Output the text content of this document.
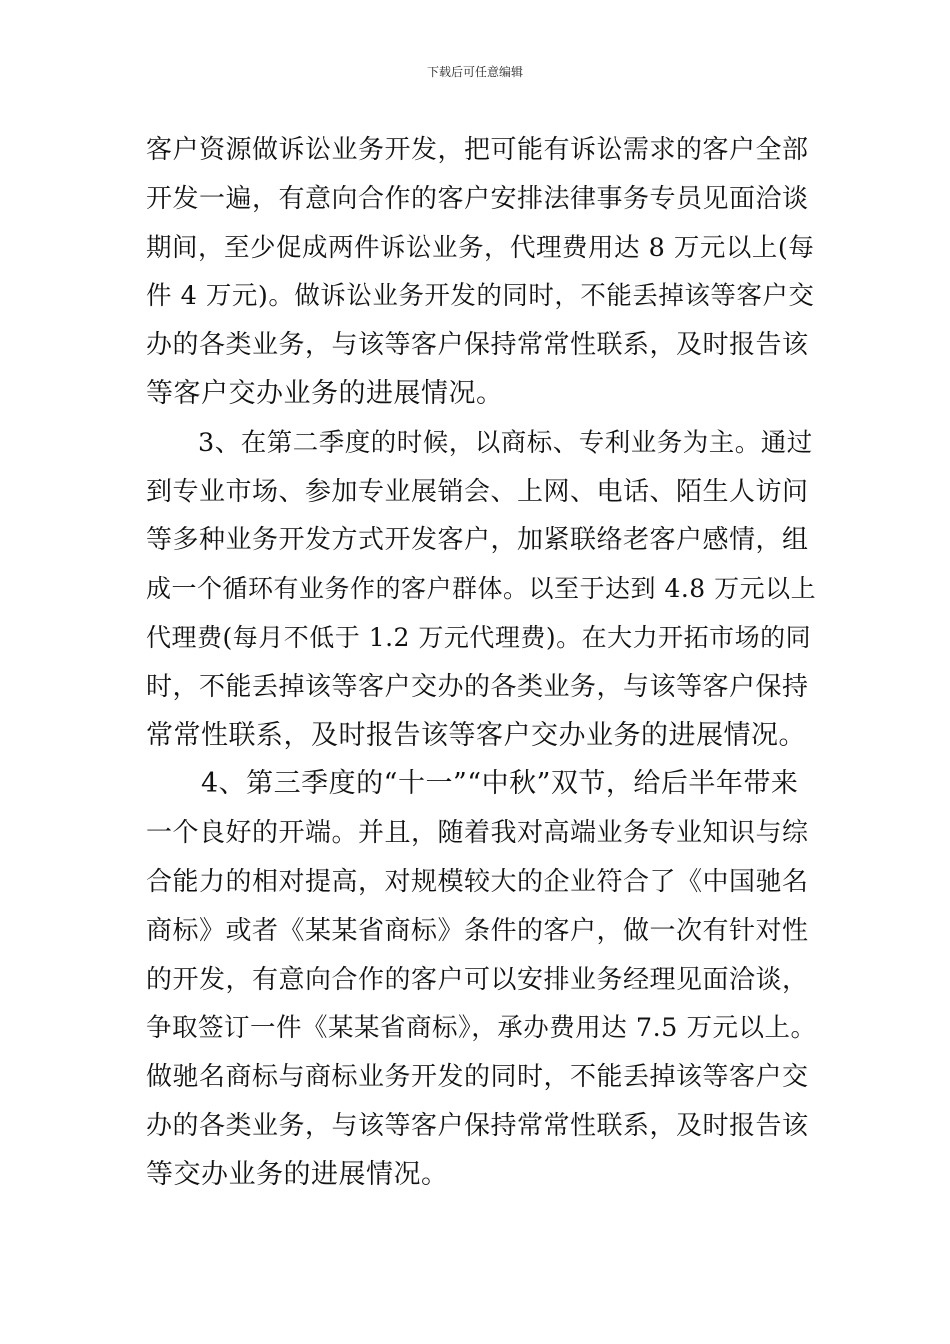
下载后可任意编辑
客户资源做诉讼业务开发，把可能有诉讼需求的客户全部
开发一遍，有意向合作的客户安排法律事务专员见面洽谈
期间，至少促成两件诉讼业务，代理费用达 8 万元以上(每
件 4 万元)。做诉讼业务开发的同时，不能丢掉该等客户交
办的各类业务，与该等客户保持常常性联系，及时报告该
等客户交办业务的进展情况。
　　3、在第二季度的时候，以商标、专利业务为主。通过
到专业市场、参加专业展销会、上网、电话、陌生人访问
等多种业务开发方式开发客户，加紧联络老客户感情，组
成一个循环有业务作的客户群体。以至于达到 4.8 万元以上
代理费(每月不低于 1.2 万元代理费)。在大力开拓市场的同
时，不能丢掉该等客户交办的各类业务，与该等客户保持
常常性联系，及时报告该等客户交办业务的进展情况。
　　4、第三季度的“十一”“中秋”双节，给后半年带来
一个良好的开端。并且，随着我对高端业务专业知识与综
合能力的相对提高，对规模较大的企业符合了《中国驰名
商标》或者《某某省商标》条件的客户，做一次有针对性
的开发，有意向合作的客户可以安排业务经理见面洽谈，
争取签订一件《某某省商标》，承办费用达 7.5 万元以上。
做驰名商标与商标业务开发的同时，不能丢掉该等客户交
办的各类业务，与该等客户保持常常性联系，及时报告该
等交办业务的进展情况。
